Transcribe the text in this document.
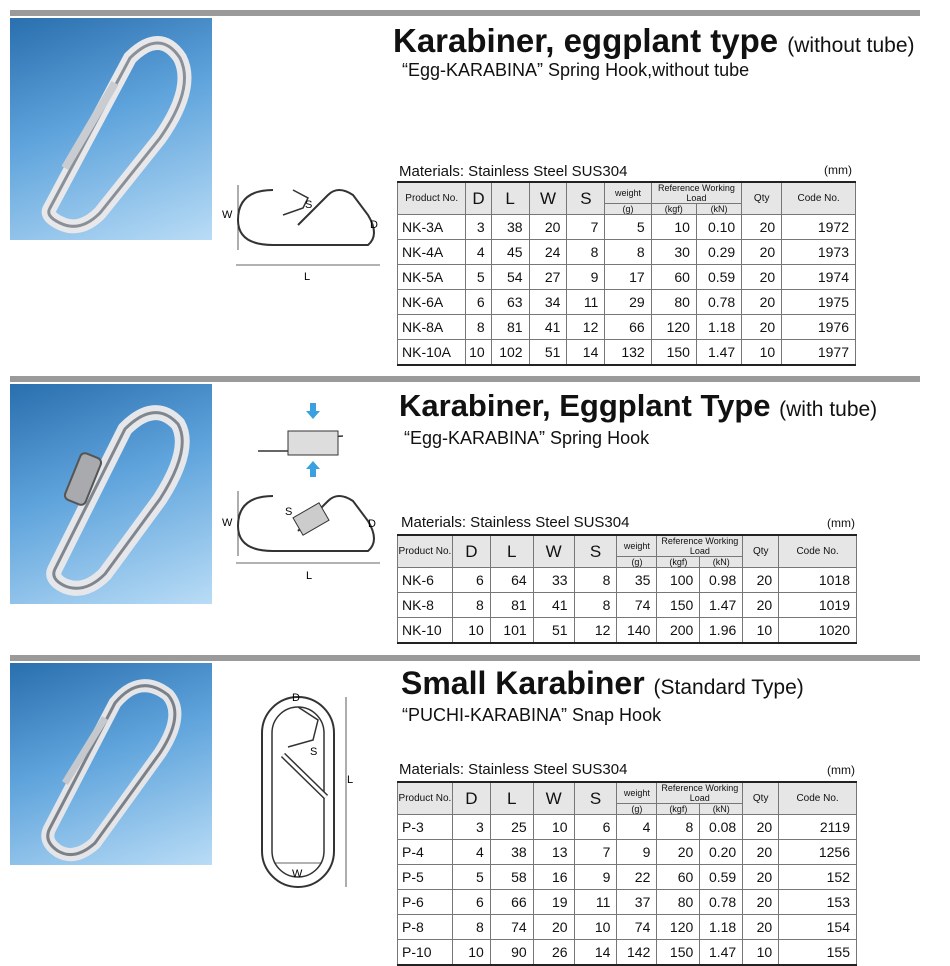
Karabiner, eggplant type (without tube)
“Egg-KARABINA” Spring Hook,without tube
W
L
S
D
Materials: Stainless Steel SUS304	(mm)
Product No.	D	L	W	S	weight	Reference Working Load		Qty	Code No.
					(g)	(kgf)	(kN)		
NK-3A	3	38	20	7	5	10	0.10	20	1972
NK-4A	4	45	24	8	8	30	0.29	20	1973
NK-5A	5	54	27	9	17	60	0.59	20	1974
NK-6A	6	63	34	11	29	80	0.78	20	1975
NK-8A	8	81	41	12	66	120	1.18	20	1976
NK-10A	10	102	51	14	132	150	1.47	10	1977
Karabiner, Eggplant Type (with tube)
“Egg-KARABINA” Spring Hook
W
L
S
D Materials: Stainless Steel SUS304	(mm)
Product No.	D	L	W	S	weight	Reference Working Load		Qty	Code No.
					(g)	(kgf)	(kN)		
NK-6	6	64	33	8	35	100	0.98	20	1018
NK-8	8	81	41	8	74	150	1.47	20	1019
NK-10	10	101	51	12	140	200	1.96	10	1020
Small Karabiner (Standard Type)
“PUCHI-KARABINA” Snap Hook
D
S
L
W
Materials: Stainless Steel SUS304	(mm)
Product No.	D	L	W	S	weight	Reference Working Load		Qty	Code No.
					(g)	(kgf)	(kN)		
P-3	3	25	10	6	4	8	0.08	20	2119
P-4	4	38	13	7	9	20	0.20	20	1256
P-5	5	58	16	9	22	60	0.59	20	152
P-6	6	66	19	11	37	80	0.78	20	153
P-8	8	74	20	10	74	120	1.18	20	154
P-10	10	90	26	14	142	150	1.47	10	155
